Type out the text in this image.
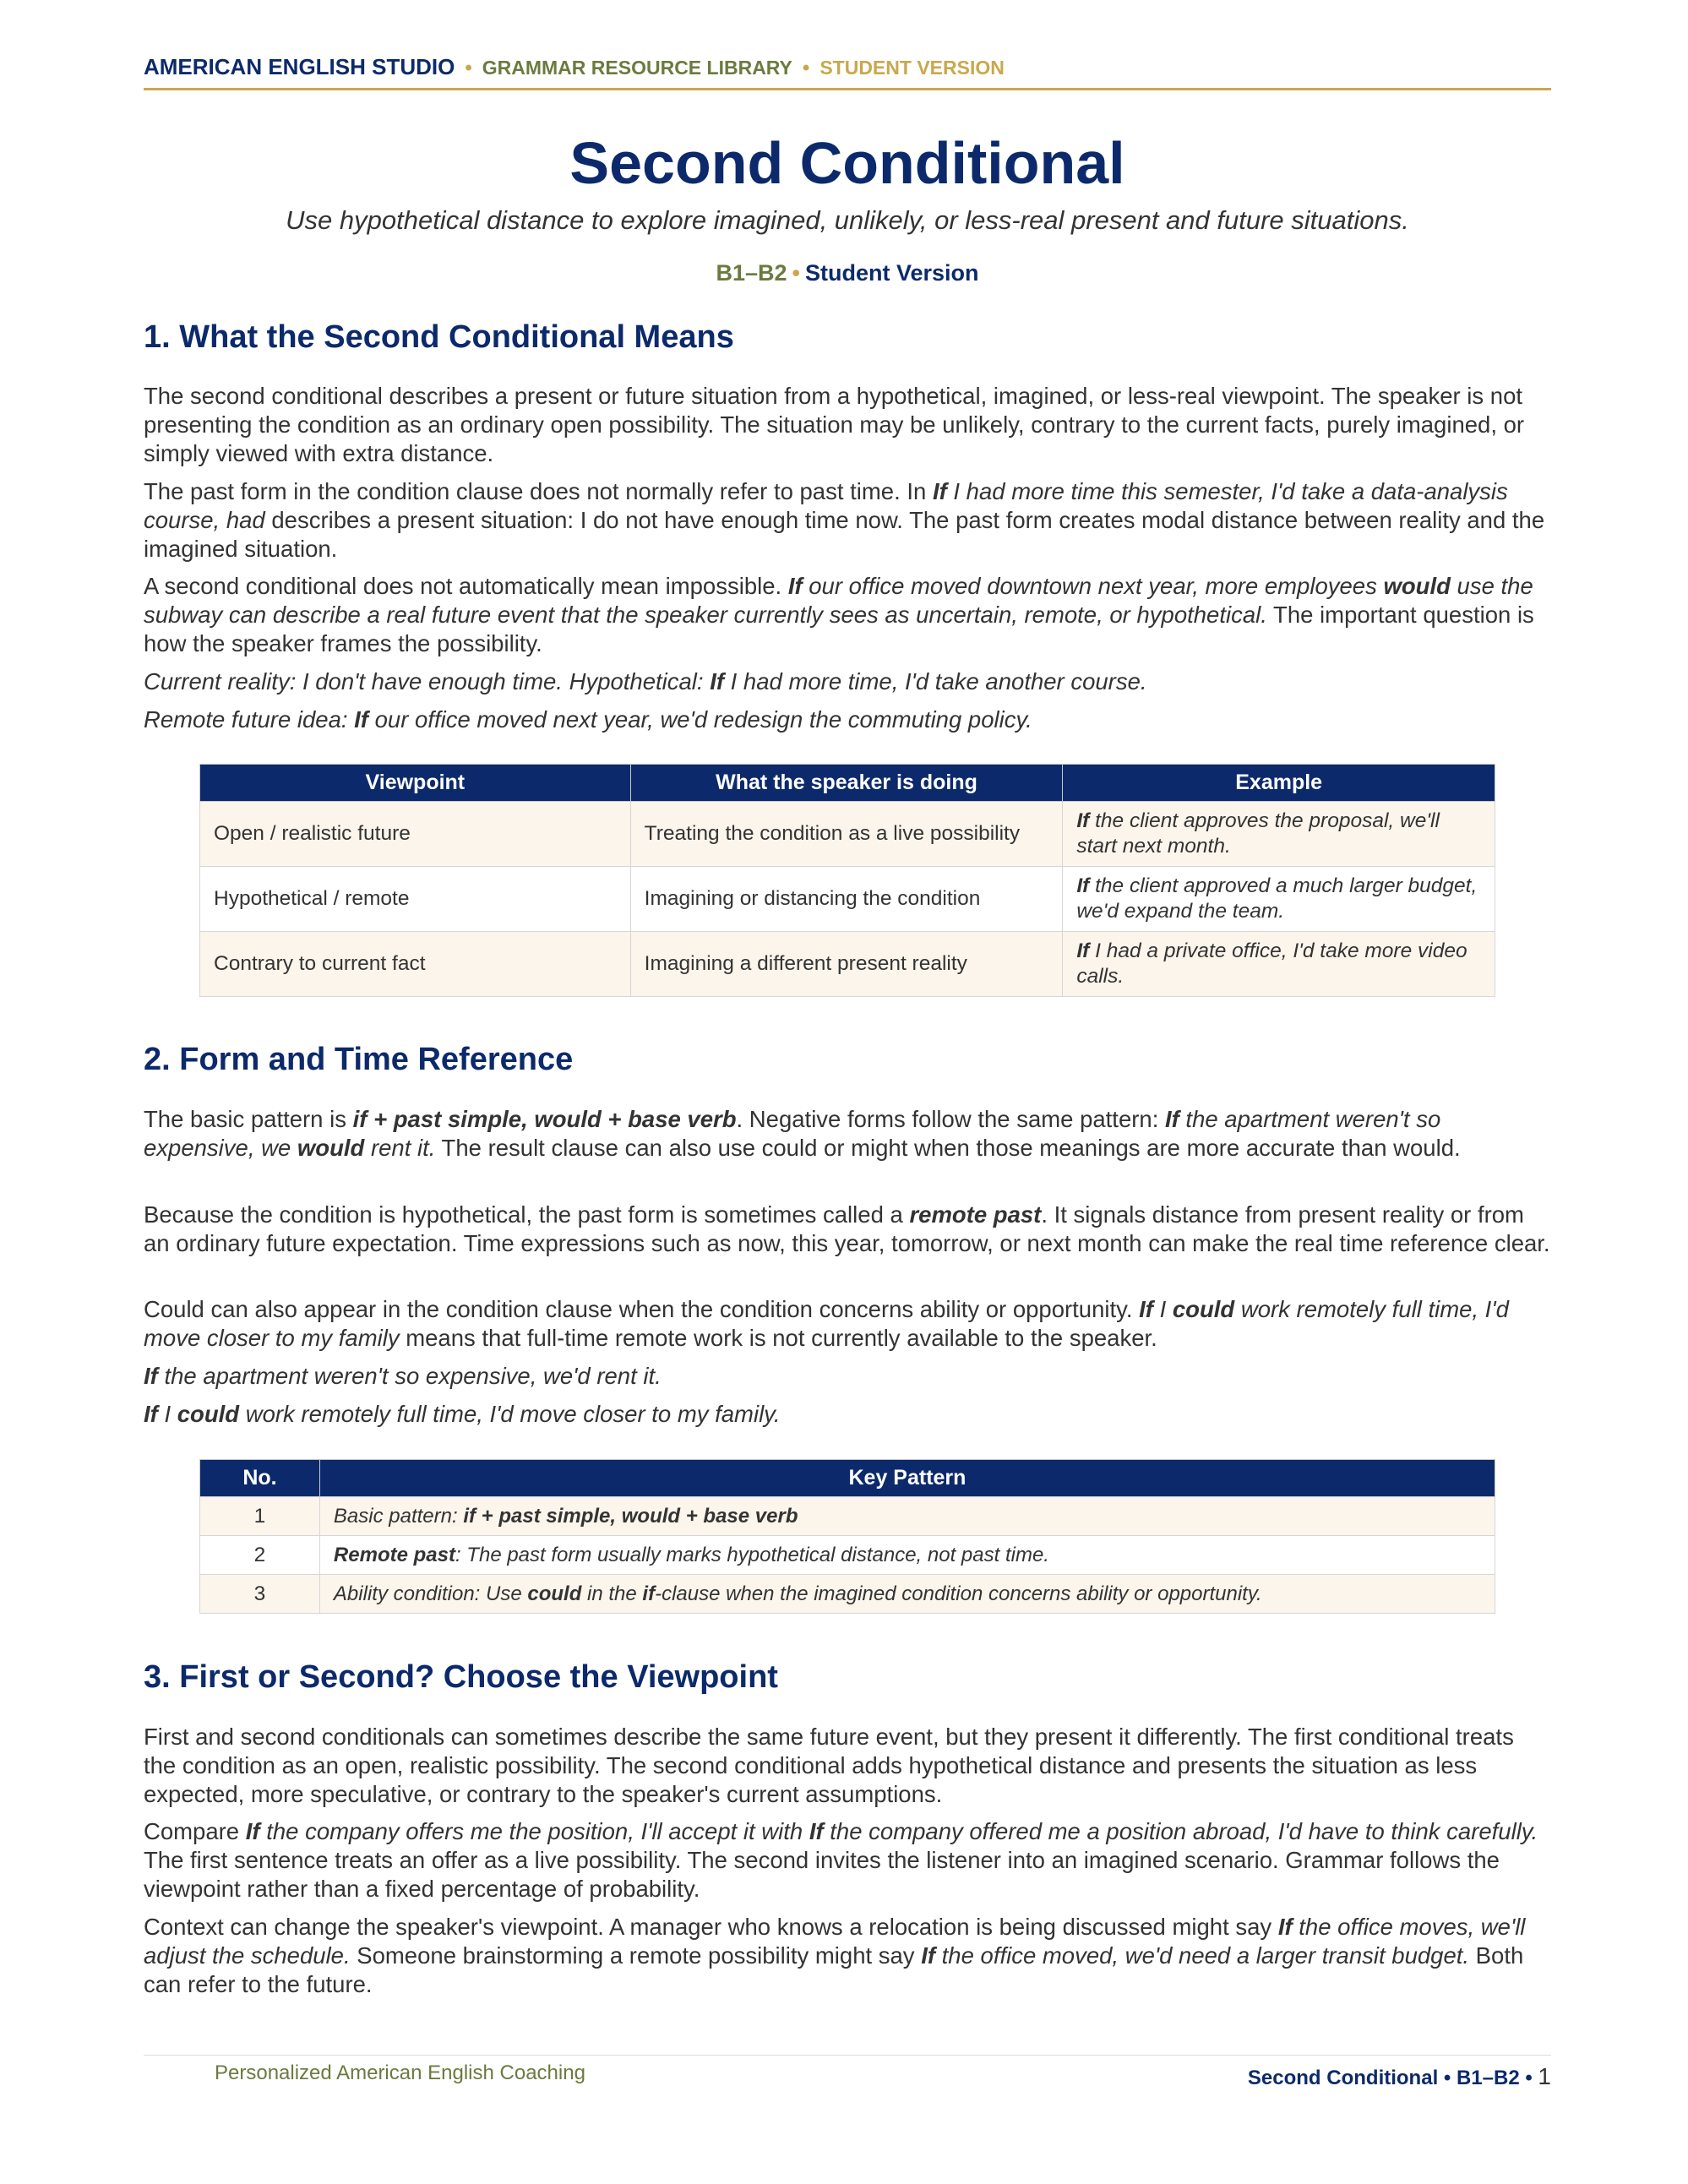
AMERICAN ENGLISH STUDIO • GRAMMAR RESOURCE LIBRARY • STUDENT VERSION
Second Conditional
Use hypothetical distance to explore imagined, unlikely, or less-real present and future situations.
B1–B2 • Student Version
1. What the Second Conditional Means
The second conditional describes a present or future situation from a hypothetical, imagined, or less-real viewpoint. The speaker is not presenting the condition as an ordinary open possibility. The situation may be unlikely, contrary to the current facts, purely imagined, or simply viewed with extra distance.
The past form in the condition clause does not normally refer to past time. In If I had more time this semester, I'd take a data-analysis course, had describes a present situation: I do not have enough time now. The past form creates modal distance between reality and the imagined situation.
A second conditional does not automatically mean impossible. If our office moved downtown next year, more employees would use the subway can describe a real future event that the speaker currently sees as uncertain, remote, or hypothetical. The important question is how the speaker frames the possibility.
Current reality: I don't have enough time. Hypothetical: If I had more time, I'd take another course.
Remote future idea: If our office moved next year, we'd redesign the commuting policy.
Viewpoint	What the speaker is doing	Example
Open / realistic future	Treating the condition as a live possibility	If the client approves the proposal, we'll start next month.
Hypothetical / remote	Imagining or distancing the condition	If the client approved a much larger budget, we'd expand the team.
Contrary to current fact	Imagining a different present reality	If I had a private office, I'd take more video calls.
2. Form and Time Reference
The basic pattern is if + past simple, would + base verb. Negative forms follow the same pattern: If the apartment weren't so expensive, we would rent it. The result clause can also use could or might when those meanings are more accurate than would.
Because the condition is hypothetical, the past form is sometimes called a remote past. It signals distance from present reality or from an ordinary future expectation. Time expressions such as now, this year, tomorrow, or next month can make the real time reference clear.
Could can also appear in the condition clause when the condition concerns ability or opportunity. If I could work remotely full time, I'd move closer to my family means that full-time remote work is not currently available to the speaker.
If the apartment weren't so expensive, we'd rent it.
If I could work remotely full time, I'd move closer to my family.
No.	Key Pattern
1	Basic pattern: if + past simple, would + base verb
2	Remote past: The past form usually marks hypothetical distance, not past time.
3	Ability condition: Use could in the if-clause when the imagined condition concerns ability or opportunity.
3. First or Second? Choose the Viewpoint
First and second conditionals can sometimes describe the same future event, but they present it differently. The first conditional treats the condition as an open, realistic possibility. The second conditional adds hypothetical distance and presents the situation as less expected, more speculative, or contrary to the speaker's current assumptions.
Compare If the company offers me the position, I'll accept it with If the company offered me a position abroad, I'd have to think carefully. The first sentence treats an offer as a live possibility. The second invites the listener into an imagined scenario. Grammar follows the viewpoint rather than a fixed percentage of probability.
Context can change the speaker's viewpoint. A manager who knows a relocation is being discussed might say If the office moves, we'll adjust the schedule. Someone brainstorming a remote possibility might say If the office moved, we'd need a larger transit budget. Both can refer to the future.
Personalized American English Coaching	Second Conditional • B1–B2 • 1
